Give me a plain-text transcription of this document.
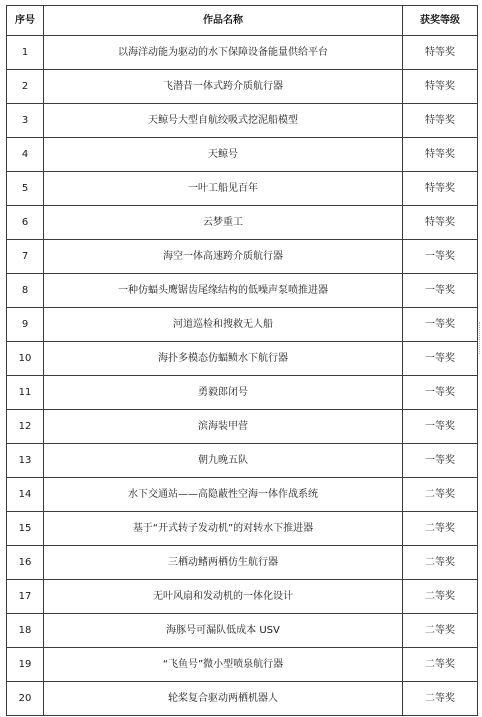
序号	作品名称	获奖等级
1	以海洋动能为驱动的水下保障设备能量供给平台	特等奖
2	飞潜昔一体式跨介质航行器	特等奖
3	天鲸号大型自航绞吸式挖泥船模型	特等奖
4	天鲸号	特等奖
5	一叶工船见百年	特等奖
6	云梦重工	特等奖
7	海空一体高速跨介质航行器	一等奖
8	一种仿蝠头鹰锯齿尾缘结构的低噪声泵喷推进器	一等奖
9	河道巡检和搜救无人船	一等奖
10	海扑多模态仿蝠鲼水下航行器	一等奖
11	勇毅郎闭号	一等奖
12	滨海装甲营	一等奖
13	朝九晚五队	一等奖
14	水下交通站——高隐蔽性空海一体作战系统	二等奖
15	基于“开式转子发动机”的对转水下推进器	二等奖
16	三栖动鳍两栖仿生航行器	二等奖
17	无叶风扇和发动机的一体化设计	二等奖
18	海豚号可漏队低成本 USV	二等奖
19	“飞鱼号”微小型喷泉航行器	二等奖
20	轮桨复合驱动两栖机器人	二等奖
